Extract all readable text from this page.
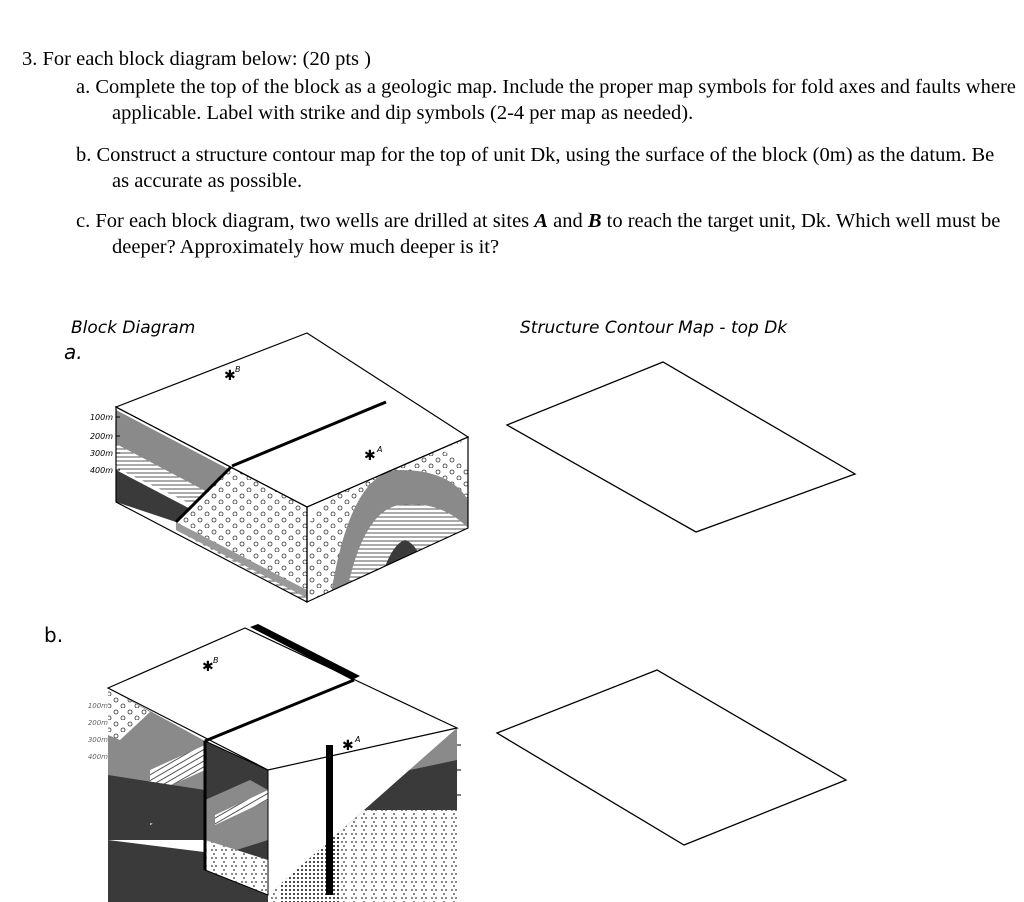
3. For each block diagram below: (20 pts )
a. Complete the top of the block as a geologic map. Include the proper map symbols for fold axes and faults where applicable. Label with strike and dip symbols (2-4 per map as needed).
b. Construct a structure contour map for the top of unit Dk, using the surface of the block (0m) as the datum. Be as accurate as possible.
c. For each block diagram, two wells are drilled at sites A and B to reach the target unit, Dk. Which well must be deeper? Approximately how much deeper is it?
Block Diagram	Structure Contour Map - top Dk
a.
b.
100m
200m
300m
400m
✱ B
✱ A
100m
200m
300m
400m
✱ B
✱ A
